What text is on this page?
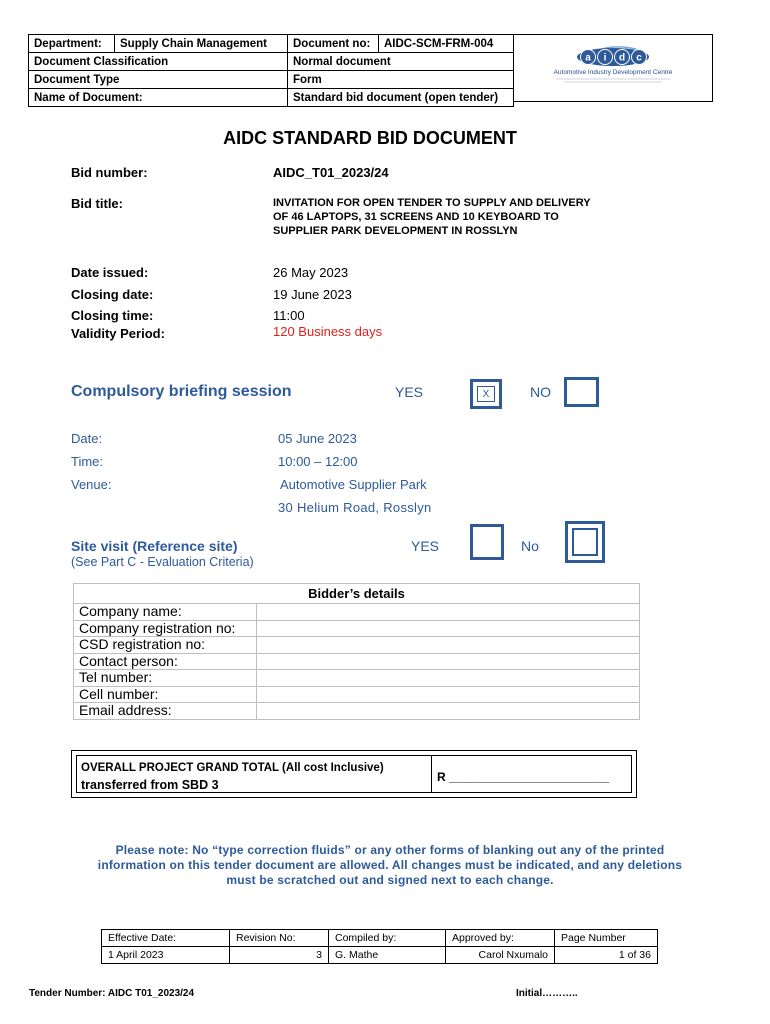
Department:	Supply Chain Management	Document no:	AIDC-SCM-FRM-004
Document Classification		Normal document	
Document Type		Form	
Name of Document:		Standard bid document (open tender)	
a i d c
Automotive Industry Development Centre
AIDC STANDARD BID DOCUMENT
Bid number:	AIDC_T01_2023/24
Bid title:	INVITATION FOR OPEN TENDER TO SUPPLY AND DELIVERY
OF 46 LAPTOPS, 31 SCREENS AND 10 KEYBOARD TO
SUPPLIER PARK DEVELOPMENT IN ROSSLYN
Date issued:	26 May 2023
Closing date:	19 June 2023
Closing time:	11:00
Validity Period:	120 Business days
Compulsory briefing session	YES	X	NO
Date:	05 June 2023
Time:	10:00 – 12:00
Venue:	Automotive Supplier Park
30 Helium Road, Rosslyn
Site visit (Reference site)
(See Part C - Evaluation Criteria)
YES	No
Bidder’s details	
Company name:	
Company registration no:	
CSD registration no:	
Contact person:	
Tel number:	
Cell number:	
Email address:	
OVERALL PROJECT GRAND TOTAL (All cost Inclusive)
transferred from SBD 3
R ________________________
Please note: No “type correction fluids” or any other forms of blanking out any of the printed
information on this tender document are allowed. All changes must be indicated, and any deletions
must be scratched out and signed next to each change.
Effective Date:	Revision No:	Compiled by:	Approved by:	Page Number
1 April 2023	3	G. Mathe	Carol Nxumalo	1 of 36
Tender Number: AIDC T01_2023/24	Initial………..
